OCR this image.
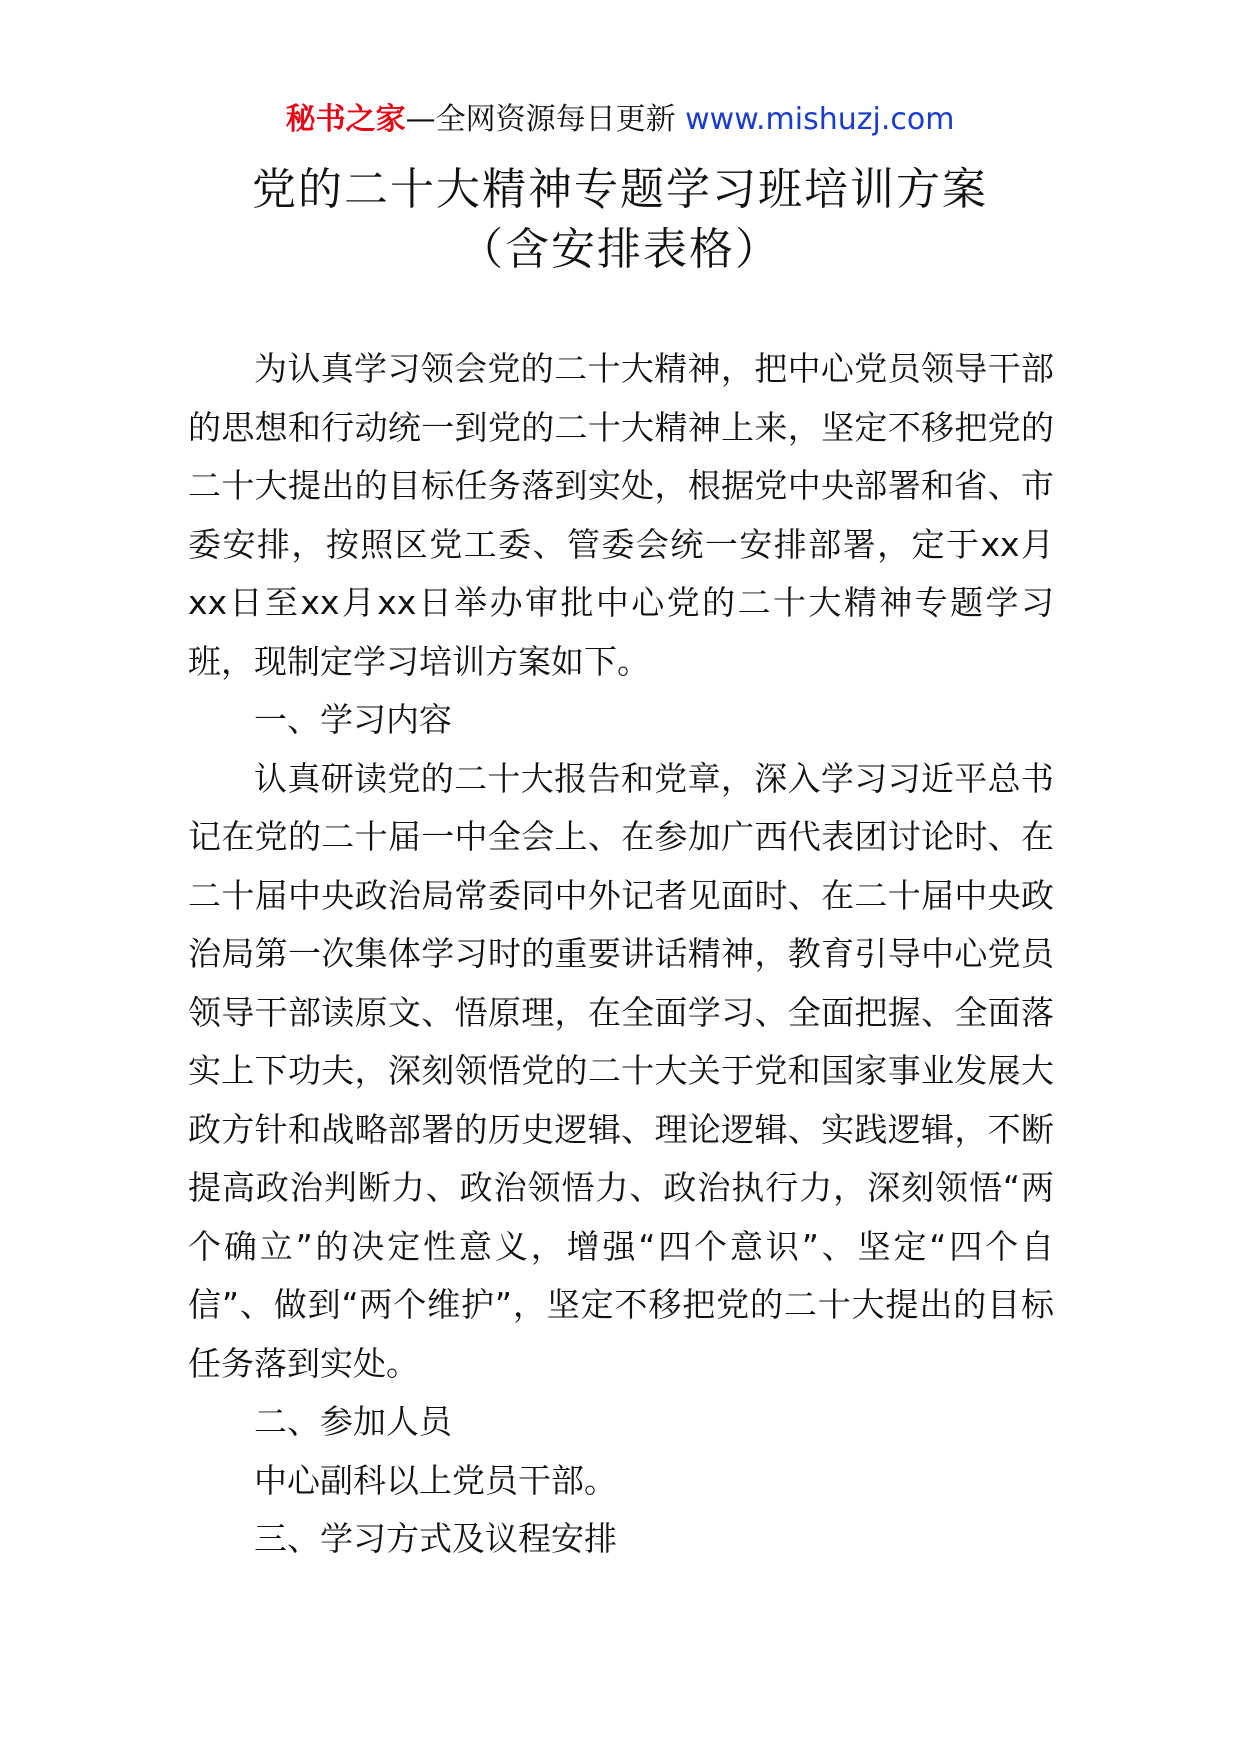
秘书之家—全网资源每日更新 www.mishuzj.com
党的二十大精神专题学习班培训方案
（含安排表格）

为认真学习领会党的二十大精神，把中心党员领导干部的思想和行动统一到党的二十大精神上来，坚定不移把党的二十大提出的目标任务落到实处，根据党中央部署和省、市委安排，按照区党工委、管委会统一安排部署，定于xx月xx日至xx月xx日举办审批中心党的二十大精神专题学习班，现制定学习培训方案如下。

一、学习内容

认真研读党的二十大报告和党章，深入学习习近平总书记在党的二十届一中全会上、在参加广西代表团讨论时、在二十届中央政治局常委同中外记者见面时、在二十届中央政治局第一次集体学习时的重要讲话精神，教育引导中心党员领导干部读原文、悟原理，在全面学习、全面把握、全面落实上下功夫，深刻领悟党的二十大关于党和国家事业发展大政方针和战略部署的历史逻辑、理论逻辑、实践逻辑，不断提高政治判断力、政治领悟力、政治执行力，深刻领悟“两个确立”的决定性意义，增强“四个意识”、坚定“四个自信”、做到“两个维护”，坚定不移把党的二十大提出的目标任务落到实处。

二、参加人员

中心副科以上党员干部。

三、学习方式及议程安排
